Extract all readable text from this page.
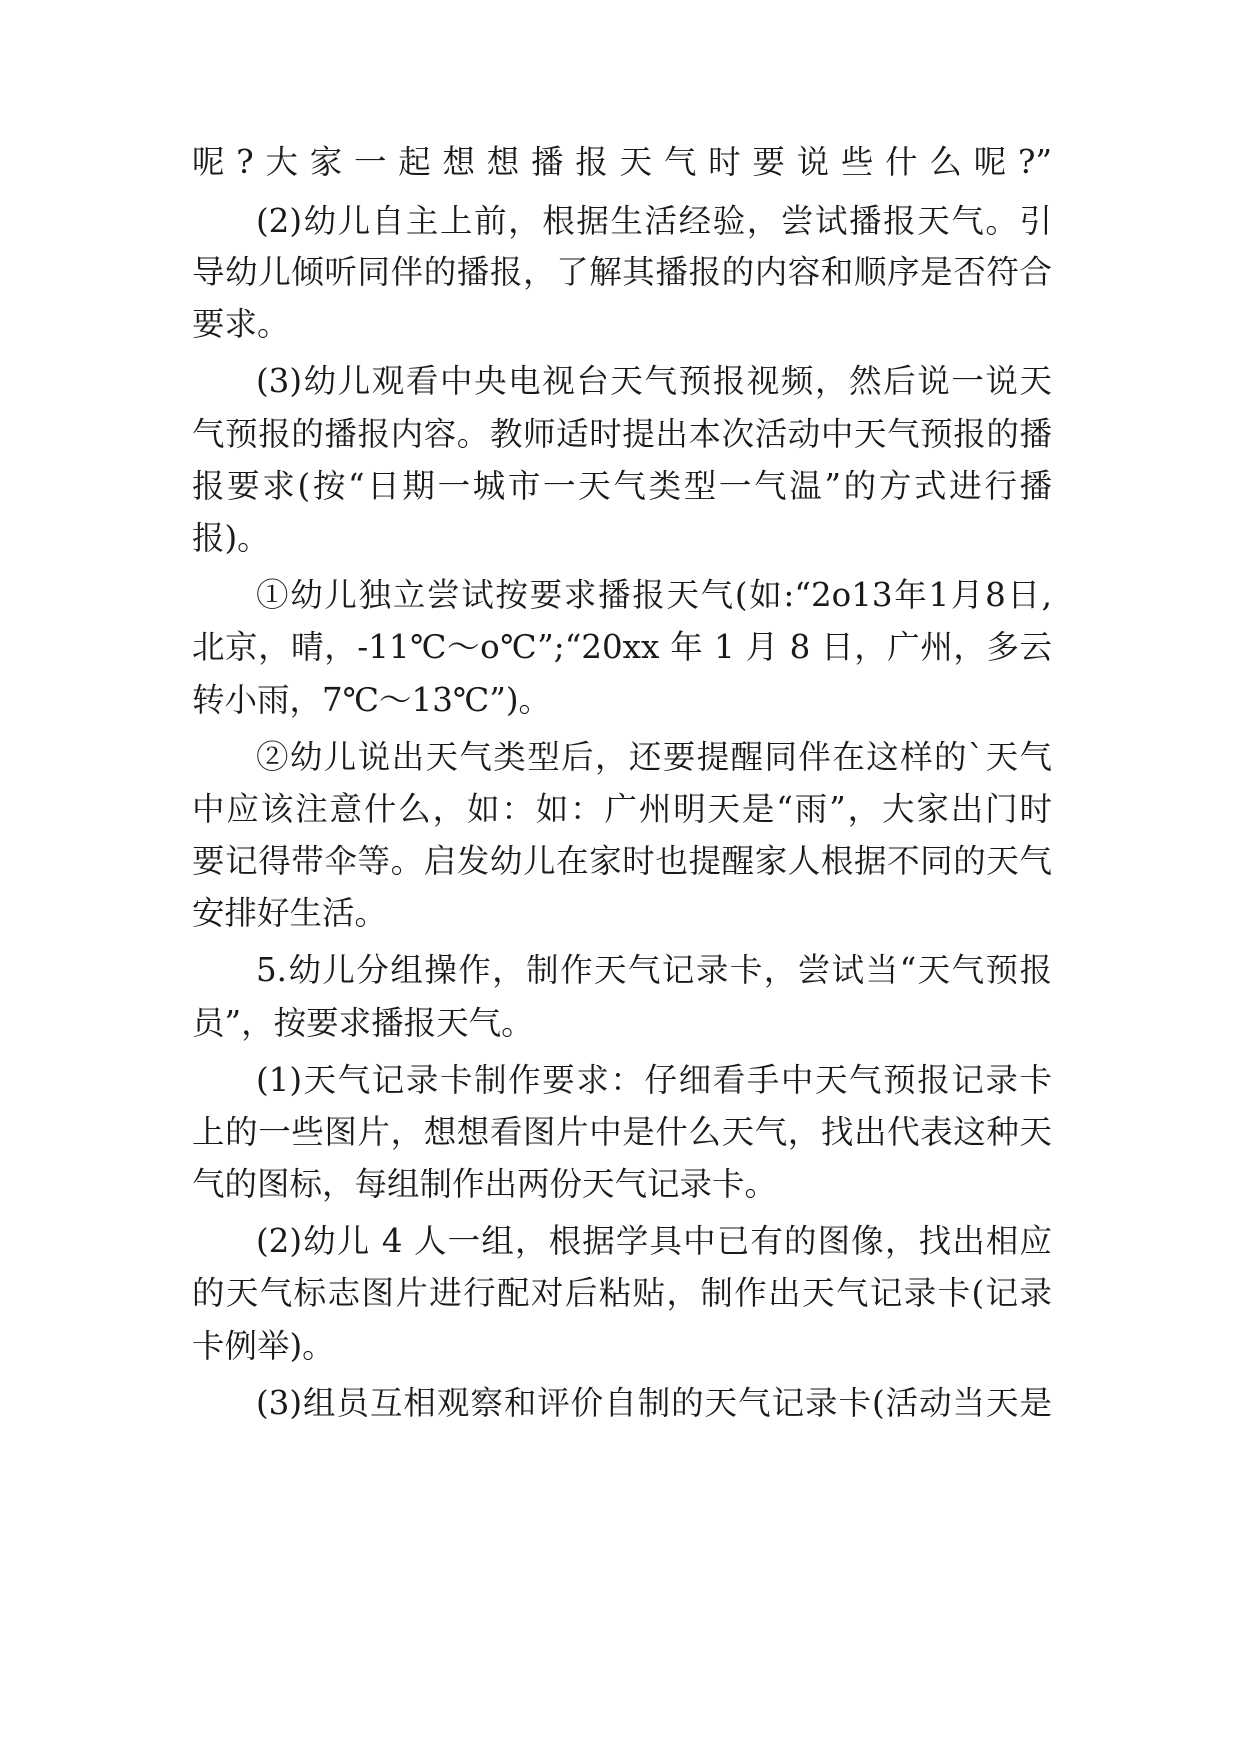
呢?大家一起想想播报天气时要说些什么呢?”
(2)幼儿自主上前，根据生活经验，尝试播报天气。引
导幼儿倾听同伴的播报，了解其播报的内容和顺序是否符合
要求。
(3)幼儿观看中央电视台天气预报视频，然后说一说天
气预报的播报内容。教师适时提出本次活动中天气预报的播
报要求(按“日期一城市一天气类型一气温”的方式进行播
报)。
①幼儿独立尝试按要求播报天气(如:“2o13年1月8日,
北京，晴，-11℃～o℃”;“20xx 年 1 月 8 日，广州，多云
转小雨，7℃～13℃”)。
②幼儿说出天气类型后，还要提醒同伴在这样的`天气
中应该注意什么，如：如：广州明天是“雨”，大家出门时
要记得带伞等。启发幼儿在家时也提醒家人根据不同的天气
安排好生活。
5.幼儿分组操作，制作天气记录卡，尝试当“天气预报
员”，按要求播报天气。
(1)天气记录卡制作要求：仔细看手中天气预报记录卡
上的一些图片，想想看图片中是什么天气，找出代表这种天
气的图标，每组制作出两份天气记录卡。
(2)幼儿 4 人一组，根据学具中已有的图像，找出相应
的天气标志图片进行配对后粘贴，制作出天气记录卡(记录
卡例举)。
(3)组员互相观察和评价自制的天气记录卡(活动当天是
